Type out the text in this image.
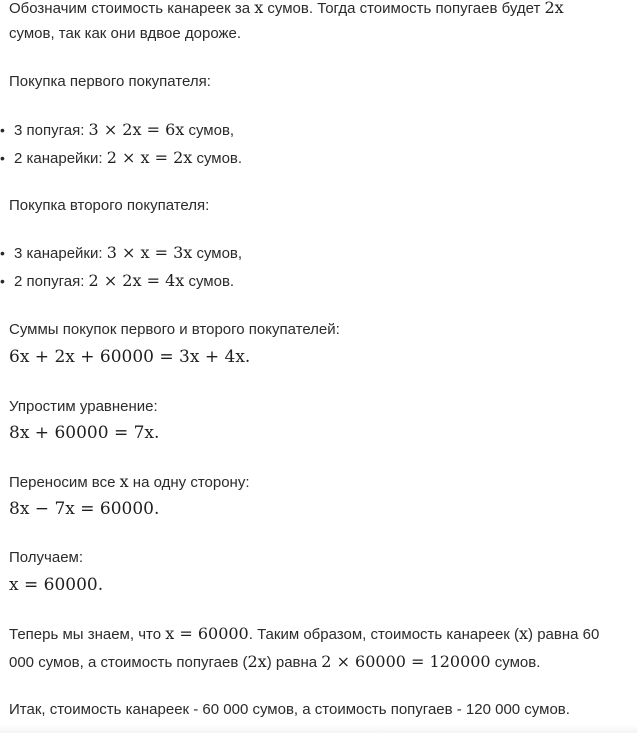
Обозначим стоимость канареек за x сумов. Тогда стоимость попугаев будет 2x
сумов, так как они вдвое дороже.
Покупка первого покупателя:
• 3 попугая: 3 × 2x = 6x сумов,
• 2 канарейки: 2 × x = 2x сумов.
Покупка второго покупателя:
• 3 канарейки: 3 × x = 3x сумов,
• 2 попугая: 2 × 2x = 4x сумов.
Суммы покупок первого и второго покупателей:
6x + 2x + 60000 = 3x + 4x.
Упростим уравнение:
8x + 60000 = 7x.
Переносим все x на одну сторону:
8x − 7x = 60000.
Получаем:
x = 60000.
Теперь мы знаем, что x = 60000. Таким образом, стоимость канареек (x) равна 60
000 сумов, а стоимость попугаев (2x) равна 2 × 60000 = 120000 сумов.
Итак, стоимость канареек - 60 000 сумов, а стоимость попугаев - 120 000 сумов.
